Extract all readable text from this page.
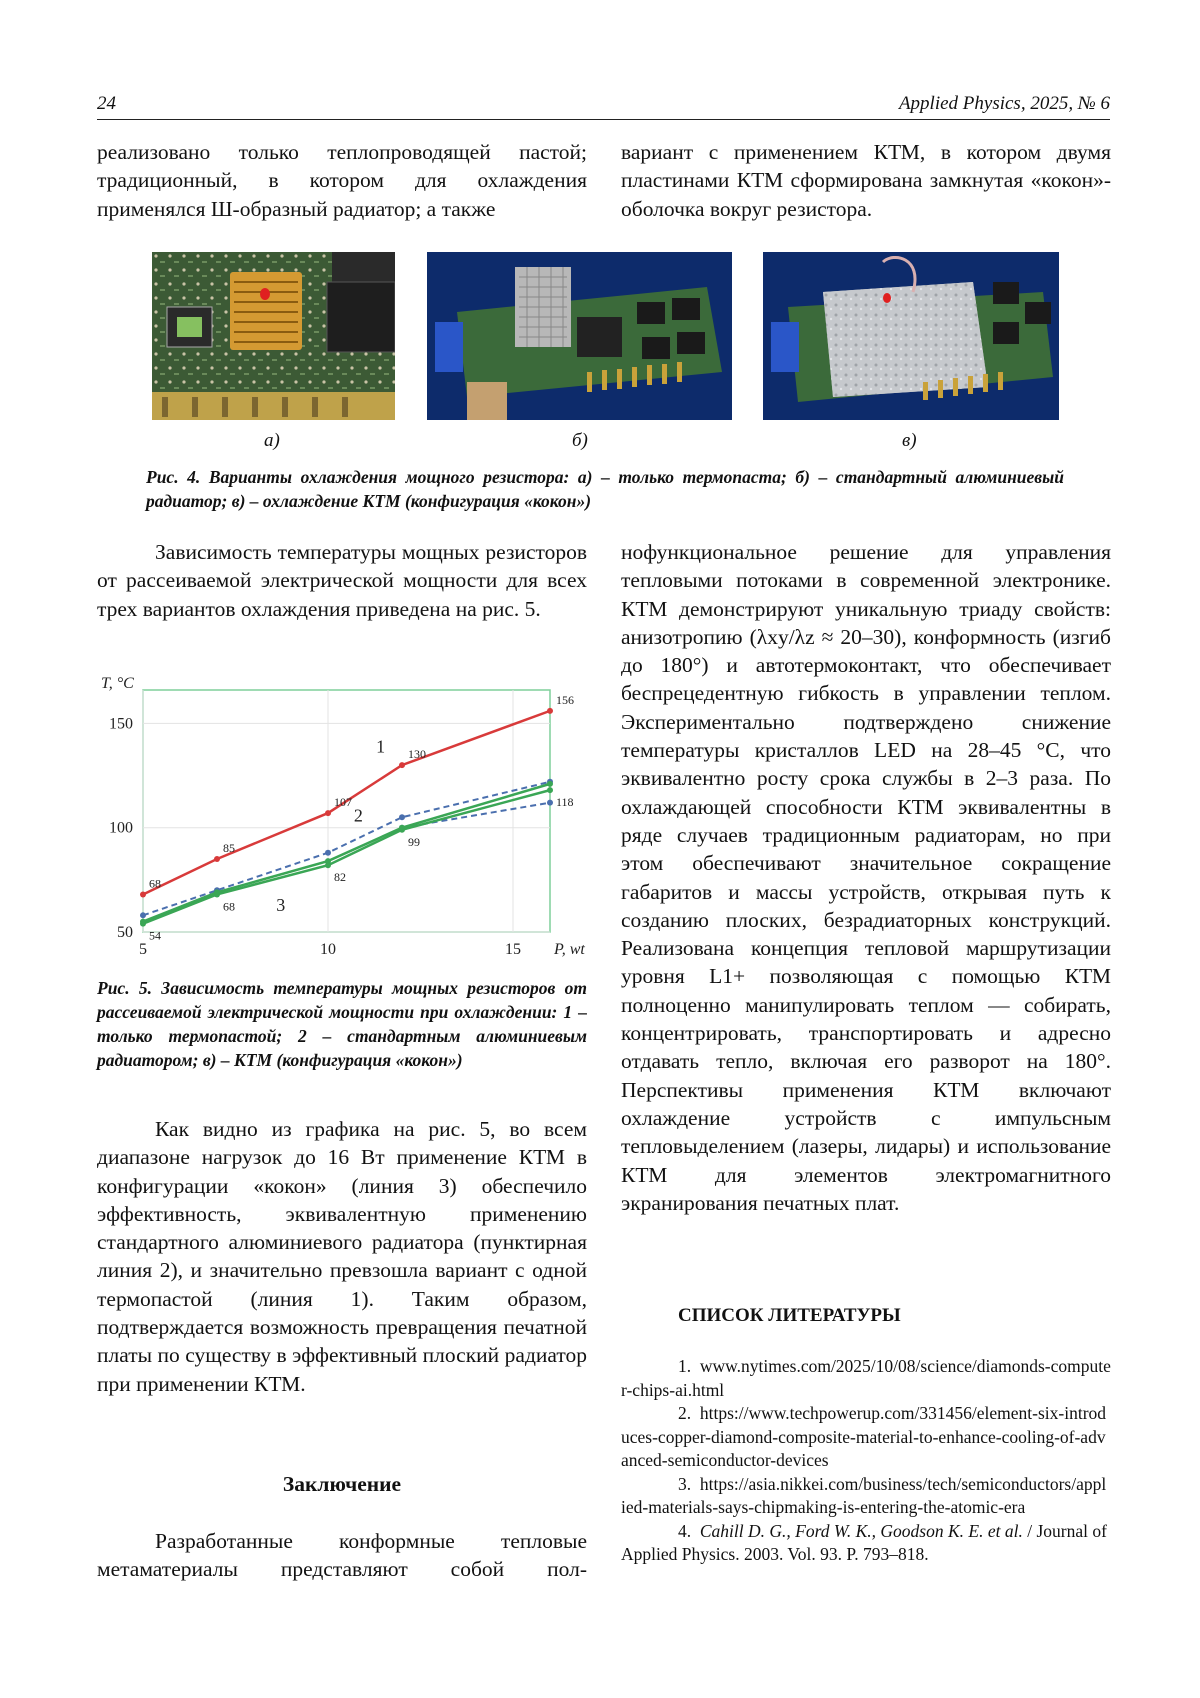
24	Applied Physics, 2025, № 6

реализовано только теплопроводящей пастой; традиционный, в котором для охлаждения применялся Ш-образный радиатор; а также

вариант с применением КТМ, в котором двумя пластинами КТМ сформирована замкнутая «кокон»-оболочка вокруг резистора.

а)	б)	в)
Рис. 4. Варианты охлаждения мощного резистора: а) – только термопаста; б) – стандартный алюминиевый радиатор; в) – охлаждение КТМ (конфигурация «кокон»)

Зависимость температуры мощных резисторов от рассеиваемой электрической мощности для всех трех вариантов охлаждения приведена на рис. 5.

50
100
150
5	10	15
T, °C
P, wt
68
85
107
130
156
54
68
82
99
118
1
2
3
Рис. 5. Зависимость температуры мощных резисторов от рассеиваемой электрической мощности при охлаждении: 1 – только термопастой; 2 – стандартным алюминиевым радиатором; в) – КТМ (конфигурация «кокон»)

Как видно из графика на рис. 5, во всем диапазоне нагрузок до 16 Вт применение КТМ в конфигурации «кокон» (линия 3) обеспечило эффективность, эквивалентную применению стандартного алюминиевого радиатора (пунктирная линия 2), и значительно превзошла вариант с одной термопастой (линия 1). Таким образом, подтверждается возможность превращения печатной платы по существу в эффективный плоский радиатор при применении КТМ.

Заключение

Разработанные конформные тепловые метаматериалы представляют собой пол-

нофункциональное решение для управления тепловыми потоками в современной электронике. КТМ демонстрируют уникальную триаду свойств: анизотропию (λxy/λz ≈ 20–30), конформность (изгиб до 180°) и автотермоконтакт, что обеспечивает беспрецедентную гибкость в управлении теплом. Экспериментально подтверждено снижение температуры кристаллов LED на 28–45 °C, что эквивалентно росту срока службы в 2–3 раза. По охлаждающей способности КТМ эквивалентны в ряде случаев традиционным радиаторам, но при этом обеспечивают значительное сокращение габаритов и массы устройств, открывая путь к созданию плоских, безрадиаторных конструкций. Реализована концепция тепловой маршрутизации уровня L1+ позволяющая с помощью КТМ полноценно манипулировать теплом — собирать, концентрировать, транспортировать и адресно отдавать тепло, включая его разворот на 180°. Перспективы применения КТМ включают охлаждение устройств с импульсным тепловыделением (лазеры, лидары) и использование КТМ для элементов электромагнитного экранирования печатных плат.

СПИСОК ЛИТЕРАТУРЫ

1. www.nytimes.com/2025/10/08/science/diamonds-computer-chips-ai.html

2. https://www.techpowerup.com/331456/element-six-introduces-copper-diamond-composite-material-to-enhance-cooling-of-advanced-semiconductor-devices

3. https://asia.nikkei.com/business/tech/semiconductors/applied-materials-says-chipmaking-is-entering-the-atomic-era

4. Cahill D. G., Ford W. K., Goodson K. E. et al. / Journal of Applied Physics. 2003. Vol. 93. P. 793–818.
